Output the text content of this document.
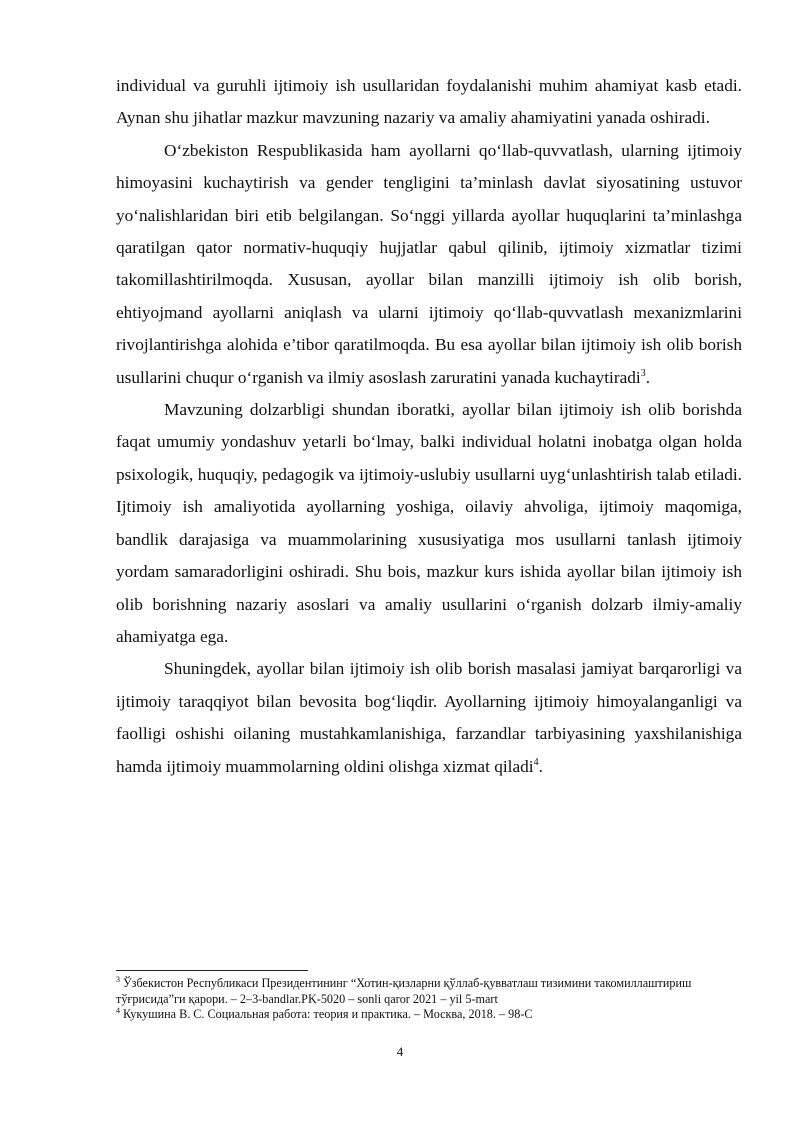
individual va guruhli ijtimoiy ish usullaridan foydalanishi muhim ahamiyat kasb etadi. Aynan shu jihatlar mazkur mavzuning nazariy va amaliy ahamiyatini yanada oshiradi.

O‘zbekiston Respublikasida ham ayollarni qo‘llab-quvvatlash, ularning ijtimoiy himoyasini kuchaytirish va gender tengligini ta’minlash davlat siyosatining ustuvor yo‘nalishlaridan biri etib belgilangan. So‘nggi yillarda ayollar huquqlarini ta’minlashga qaratilgan qator normativ-huquqiy hujjatlar qabul qilinib, ijtimoiy xizmatlar tizimi takomillashtirilmoqda. Xususan, ayollar bilan manzilli ijtimoiy ish olib borish, ehtiyojmand ayollarni aniqlash va ularni ijtimoiy qo‘llab-quvvatlash mexanizmlarini rivojlantirishga alohida e’tibor qaratilmoqda. Bu esa ayollar bilan ijtimoiy ish olib borish usullarini chuqur o‘rganish va ilmiy asoslash zaruratini yanada kuchaytiradi$^3$.

Mavzuning dolzarbligi shundan iboratki, ayollar bilan ijtimoiy ish olib borishda faqat umumiy yondashuv yetarli bo‘lmay, balki individual holatni inobatga olgan holda psixologik, huquqiy, pedagogik va ijtimoiy-uslubiy usullarni uyg‘unlashtirish talab etiladi. Ijtimoiy ish amaliyotida ayollarning yoshiga, oilaviy ahvoliga, ijtimoiy maqomiga, bandlik darajasiga va muammolarining xususiyatiga mos usullarni tanlash ijtimoiy yordam samaradorligini oshiradi. Shu bois, mazkur kurs ishida ayollar bilan ijtimoiy ish olib borishning nazariy asoslari va amaliy usullarini o‘rganish dolzarb ilmiy-amaliy ahamiyatga ega.

Shuningdek, ayollar bilan ijtimoiy ish olib borish masalasi jamiyat barqarorligi va ijtimoiy taraqqiyot bilan bevosita bog‘liqdir. Ayollarning ijtimoiy himoyalanganligi va faolligi oshishi oilaning mustahkamlanishiga, farzandlar tarbiyasining yaxshilanishiga hamda ijtimoiy muammolarning oldini olishga xizmat qiladi$^4$.

$^3$ Ўзбекистон Республикаси Президентининг “Хотин-қизларни қўллаб-қувватлаш тизимини такомиллаштириш тўғрисида”ги қарори. – 2–3-bandlar.PK-5020 – sonli qaror 2021 – yil 5-mart

$^4$ Кукушина В. С. Социальная работа: теория и практика. – Москва, 2018. – 98-С

4
